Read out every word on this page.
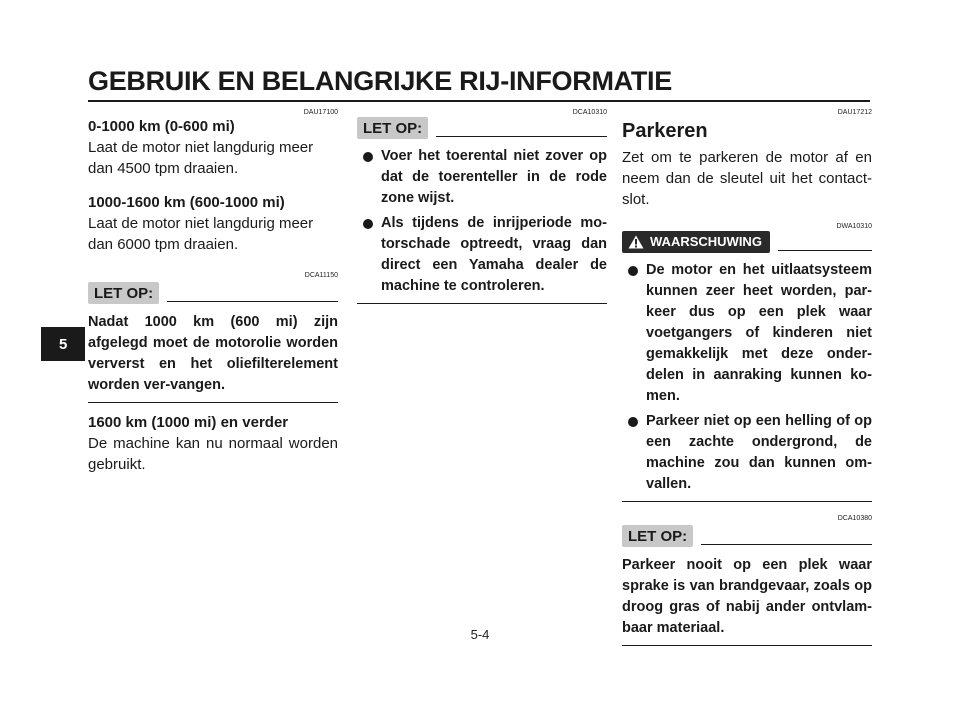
GEBRUIK EN BELANGRIJKE RIJ-INFORMATIE
5

DAU17100

0-1000 km (0-600 mi)

Laat de motor niet langdurig meer dan 4500 tpm draaien.

1000-1600 km (600-1000 mi)

Laat de motor niet langdurig meer dan 6000 tpm draaien.

DCA11150

LET OP:

Nadat 1000 km (600 mi) zijn afgelegd moet de motorolie worden ververst en het oliefilterelement worden ver-vangen.

1600 km (1000 mi) en verder

De machine kan nu normaal worden gebruikt.

DCA10310

LET OP:
Voer het toerental niet zover op dat de toerenteller in de rode zone wijst.
Als tijdens de inrijperiode mo-torschade optreedt, vraag dan direct een Yamaha dealer de machine te controleren.

DAU17212

Parkeren

Zet om te parkeren de motor af en neem dan de sleutel uit het contact-slot.

DWA10310

WAARSCHUWING
De motor en het uitlaatsysteem kunnen zeer heet worden, par-keer dus op een plek waar voetgangers of kinderen niet gemakkelijk met deze onder-delen in aanraking kunnen ko-men.
Parkeer niet op een helling of op een zachte ondergrond, de machine zou dan kunnen om-vallen.

DCA10380

LET OP:

Parkeer nooit op een plek waar sprake is van brandgevaar, zoals op droog gras of nabij ander ontvlam-baar materiaal.

5-4
